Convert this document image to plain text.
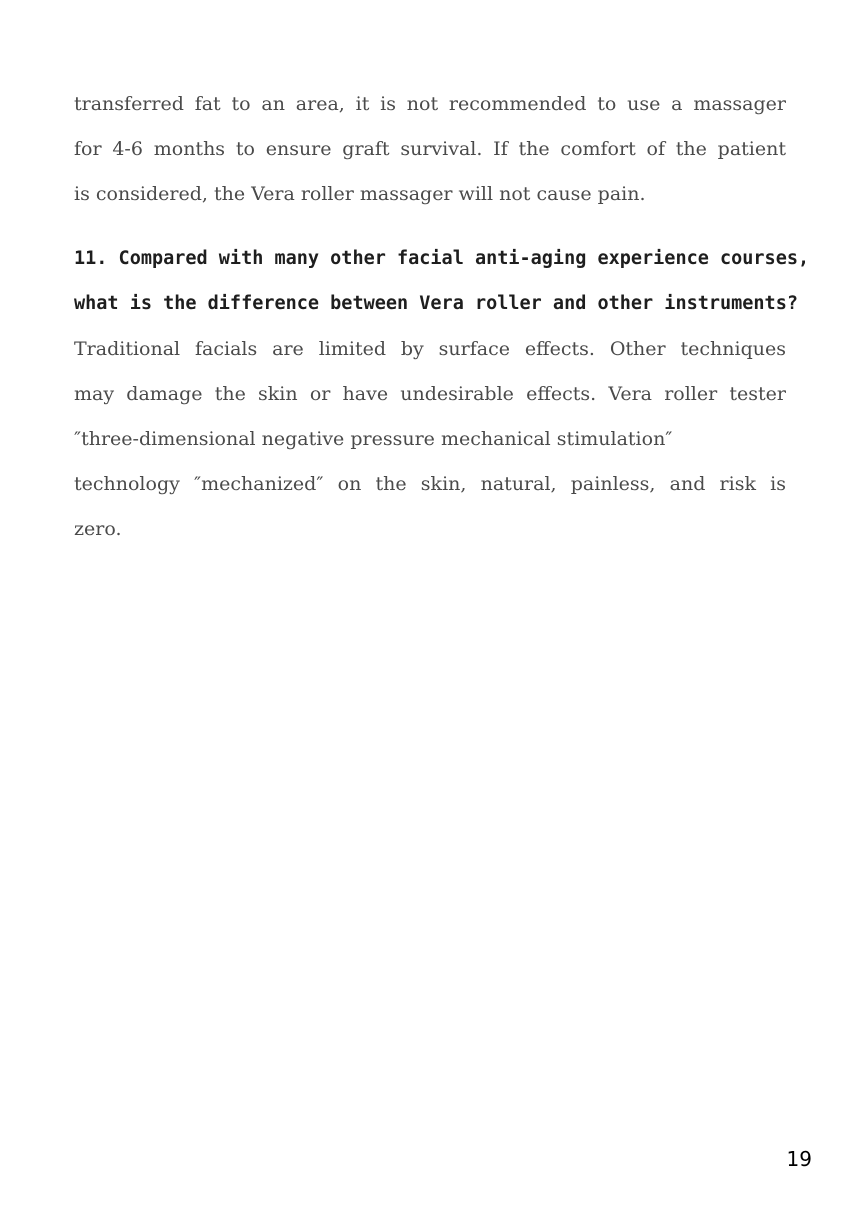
transferred fat to an area, it is not recommended to use a massager

for 4-6 months to ensure graft survival. If the comfort of the patient

is considered, the Vera roller massager will not cause pain.

11. Compared with many other facial anti-aging experience courses,

what is the difference between Vera roller and other instruments?

Traditional facials are limited by surface effects. Other techniques

may damage the skin or have undesirable effects. Vera roller tester

″three-dimensional negative pressure mechanical stimulation″

technology ″mechanized″ on the skin, natural, painless, and risk is

zero.

19
